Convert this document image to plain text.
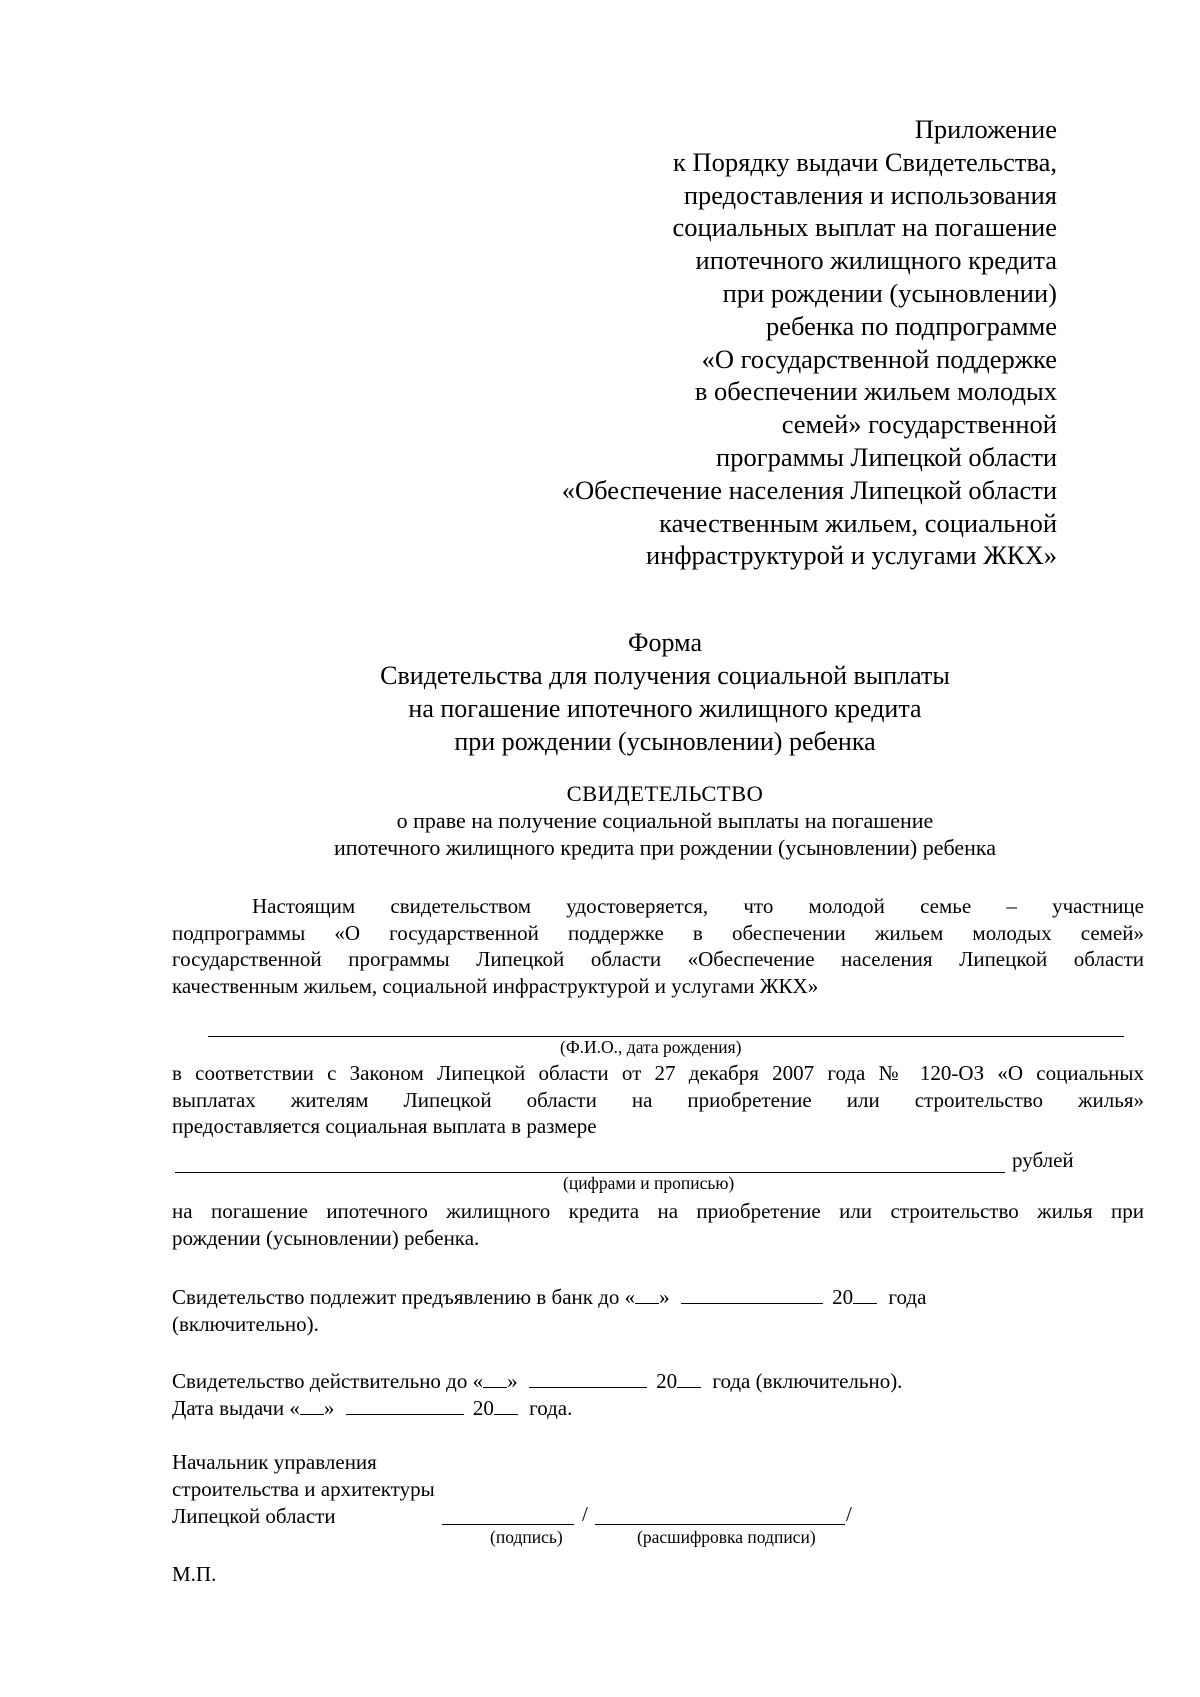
Приложение
к Порядку выдачи Свидетельства,
предоставления и использования
социальных выплат на погашение
ипотечного жилищного кредита
при рождении (усыновлении)
ребенка по подпрограмме
«О государственной поддержке
в обеспечении жильем молодых
семей» государственной
программы Липецкой области
«Обеспечение населения Липецкой области
качественным жильем, социальной
инфраструктурой и услугами ЖКХ»
Форма
Свидетельства для получения социальной выплаты
на погашение ипотечного жилищного кредита
при рождении (усыновлении) ребенка
СВИДЕТЕЛЬСТВО
о праве на получение социальной выплаты на погашение
ипотечного жилищного кредита при рождении (усыновлении) ребенка
Настоящим свидетельством удостоверяется, что молодой семье – участнице
подпрограммы «О государственной поддержке в обеспечении жильем молодых семей»
государственной программы Липецкой области «Обеспечение населения Липецкой области
качественным жильем, социальной инфраструктурой и услугами ЖКХ»
(Ф.И.О., дата рождения)
в соответствии с Законом Липецкой области от 27 декабря 2007 года № 120-ОЗ «О социальных
выплатах жителям Липецкой области на приобретение или строительство жилья»
предоставляется социальная выплата в размере
рублей
(цифрами и прописью)
на погашение ипотечного жилищного кредита на приобретение или строительство жилья при
рождении (усыновлении) ребенка.
Свидетельство подлежит предъявлению в банк до « »	20 года
(включительно).
Свидетельство действительно до « »	20 года (включительно).
Дата выдачи « »	20 года.
Начальник управления
строительства и архитектуры
Липецкой области	/	/
(подпись)	(расшифровка подписи)
М.П.
